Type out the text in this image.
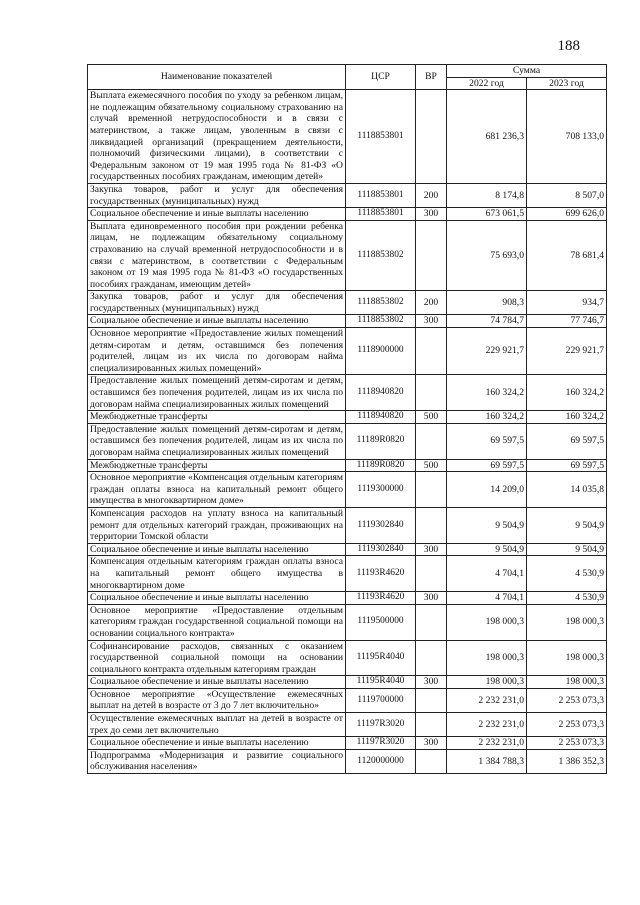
188
Наименование показателей	ЦСР	ВР	Сумма	
			2022 год	2023 год
Выплата ежемесячного пособия по уходу за ребенком лицам, не подлежащим обязательному социальному страхованию на случай временной нетрудоспособности и в связи с материнством, а также лицам, уволенным в связи с ликвидацией организаций (прекращением деятельности, полномочий физическими лицами), в соответствии с Федеральным законом от 19 мая 1995 года № 81-ФЗ «О государственных пособиях гражданам, имеющим детей»	1118853801		681 236,3	708 133,0
Закупка товаров, работ и услуг для обеспечения государственных (муниципальных) нужд	1118853801	200	8 174,8	8 507,0
Социальное обеспечение и иные выплаты населению	1118853801	300	673 061,5	699 626,0
Выплата единовременного пособия при рождении ребенка лицам, не подлежащим обязательному социальному страхованию на случай временной нетрудоспособности и в связи с материнством, в соответствии с Федеральным законом от 19 мая 1995 года № 81-ФЗ «О государственных пособиях гражданам, имеющим детей»	1118853802		75 693,0	78 681,4
Закупка товаров, работ и услуг для обеспечения государственных (муниципальных) нужд	1118853802	200	908,3	934,7
Социальное обеспечение и иные выплаты населению	1118853802	300	74 784,7	77 746,7
Основное мероприятие «Предоставление жилых помещений детям-сиротам и детям, оставшимся без попечения родителей, лицам из их числа по договорам найма специализированных жилых помещений»	1118900000		229 921,7	229 921,7
Предоставление жилых помещений детям-сиротам и детям, оставшимся без попечения родителей, лицам из их числа по договорам найма специализированных жилых помещений	1118940820		160 324,2	160 324,2
Межбюджетные трансферты	1118940820	500	160 324,2	160 324,2
Предоставление жилых помещений детям-сиротам и детям, оставшимся без попечения родителей, лицам из их числа по договорам найма специализированных жилых помещений	11189R0820		69 597,5	69 597,5
Межбюджетные трансферты	11189R0820	500	69 597,5	69 597,5
Основное мероприятие «Компенсация отдельным категориям граждан оплаты взноса на капитальный ремонт общего имущества в многоквартирном доме»	1119300000		14 209,0	14 035,8
Компенсация расходов на уплату взноса на капитальный ремонт для отдельных категорий граждан, проживающих на территории Томской области	1119302840		9 504,9	9 504,9
Социальное обеспечение и иные выплаты населению	1119302840	300	9 504,9	9 504,9
Компенсация отдельным категориям граждан оплаты взноса на капитальный ремонт общего имущества в многоквартирном доме	11193R4620		4 704,1	4 530,9
Социальное обеспечение и иные выплаты населению	11193R4620	300	4 704,1	4 530,9
Основное мероприятие «Предоставление отдельным категориям граждан государственной социальной помощи на основании социального контракта»	1119500000		198 000,3	198 000,3
Софинансирование расходов, связанных с оказанием государственной социальной помощи на основании социального контракта отдельным категориям граждан	11195R4040		198 000,3	198 000,3
Социальное обеспечение и иные выплаты населению	11195R4040	300	198 000,3	198 000,3
Основное мероприятие «Осуществление ежемесячных выплат на детей в возрасте от 3 до 7 лет включительно»	1119700000		2 232 231,0	2 253 073,3
Осуществление ежемесячных выплат на детей в возрасте от трех до семи лет включительно	11197R3020		2 232 231,0	2 253 073,3
Социальное обеспечение и иные выплаты населению	11197R3020	300	2 232 231,0	2 253 073,3
Подпрограмма «Модернизация и развитие социального обслуживания населения»	1120000000		1 384 788,3	1 386 352,3
